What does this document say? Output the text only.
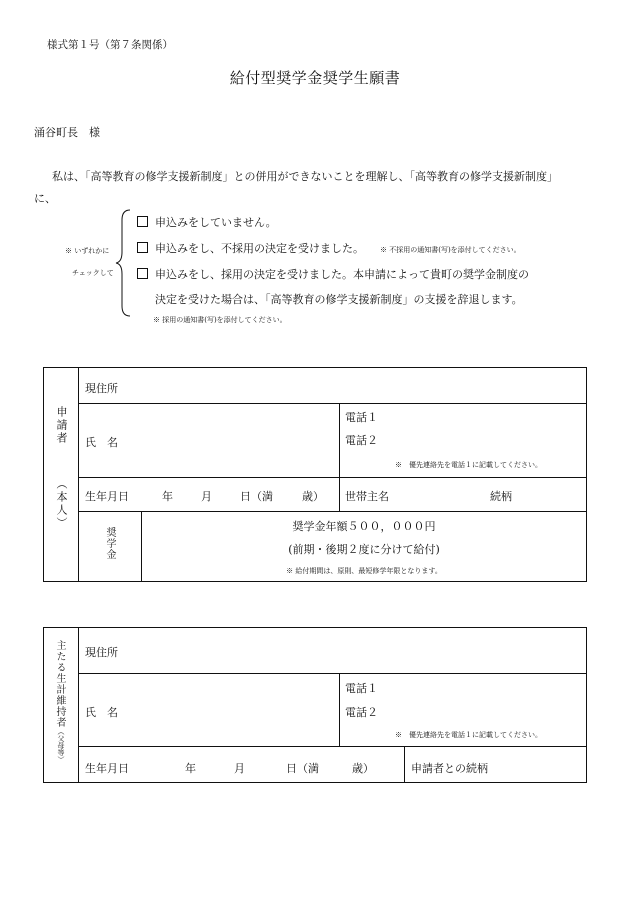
様式第１号（第７条関係）
給付型奨学金奨学生願書
涌谷町長　様
私は、「高等教育の修学支援新制度」との併用ができないことを理解し、「高等教育の修学支援新制度」
に、
※ いずれかに
チェックして
申込みをしていません。
申込みをし、不採用の決定を受けました。 ※ 不採用の通知書(写)を添付してください。
申込みをし、採用の決定を受けました。本申請によって貴町の奨学金制度の
決定を受けた場合は、「高等教育の修学支援新制度」の支援を辞退します。
※ 採用の通知書(写)を添付してください。
申請者
（本人）
現住所
氏　名
電話１
電話２
※　優先連絡先を電話１に記載してください。
生年月日	年	月	日（満	歳） 世帯主名	続柄
奨学金
奨学金年額５００，０００円
(前期・後期２度に分けて給付)
※ 給付期間は、原則、最短修学年限となります。
主たる生計維持者
（父母等）
現住所
氏　名
電話１
電話２
※　優先連絡先を電話１に記載してください。
生年月日	年	月	日（満	歳）	申請者との続柄
